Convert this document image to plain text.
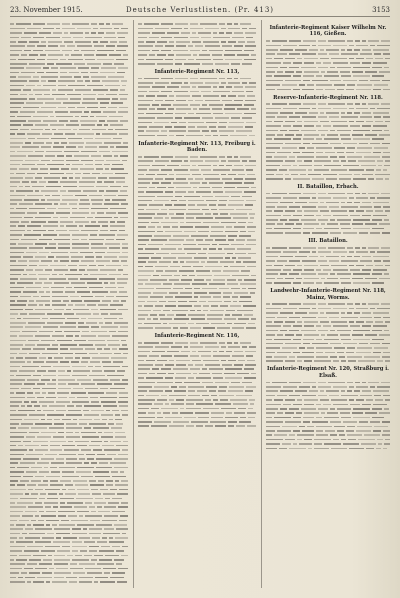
23. November 1915.	Deutsche Verlustlisten. (Pr. 413)	3153
Infanterie-Regiment Nr. 113,
Infanterie-Regiment Nr. 113, Freiburg i. Baden.
Infanterie-Regiment Nr. 116,
Infanterie-Regiment Kaiser Wilhelm Nr. 116, Gießen.
Reserve-Infanterie-Regiment Nr. 118.
II. Bataillon, Erbach.
III. Bataillon.
Landwehr-Infanterie-Regiment Nr. 118, Mainz, Worms.
Infanterie-Regiment Nr. 120, Straßburg i. Elsaß.
